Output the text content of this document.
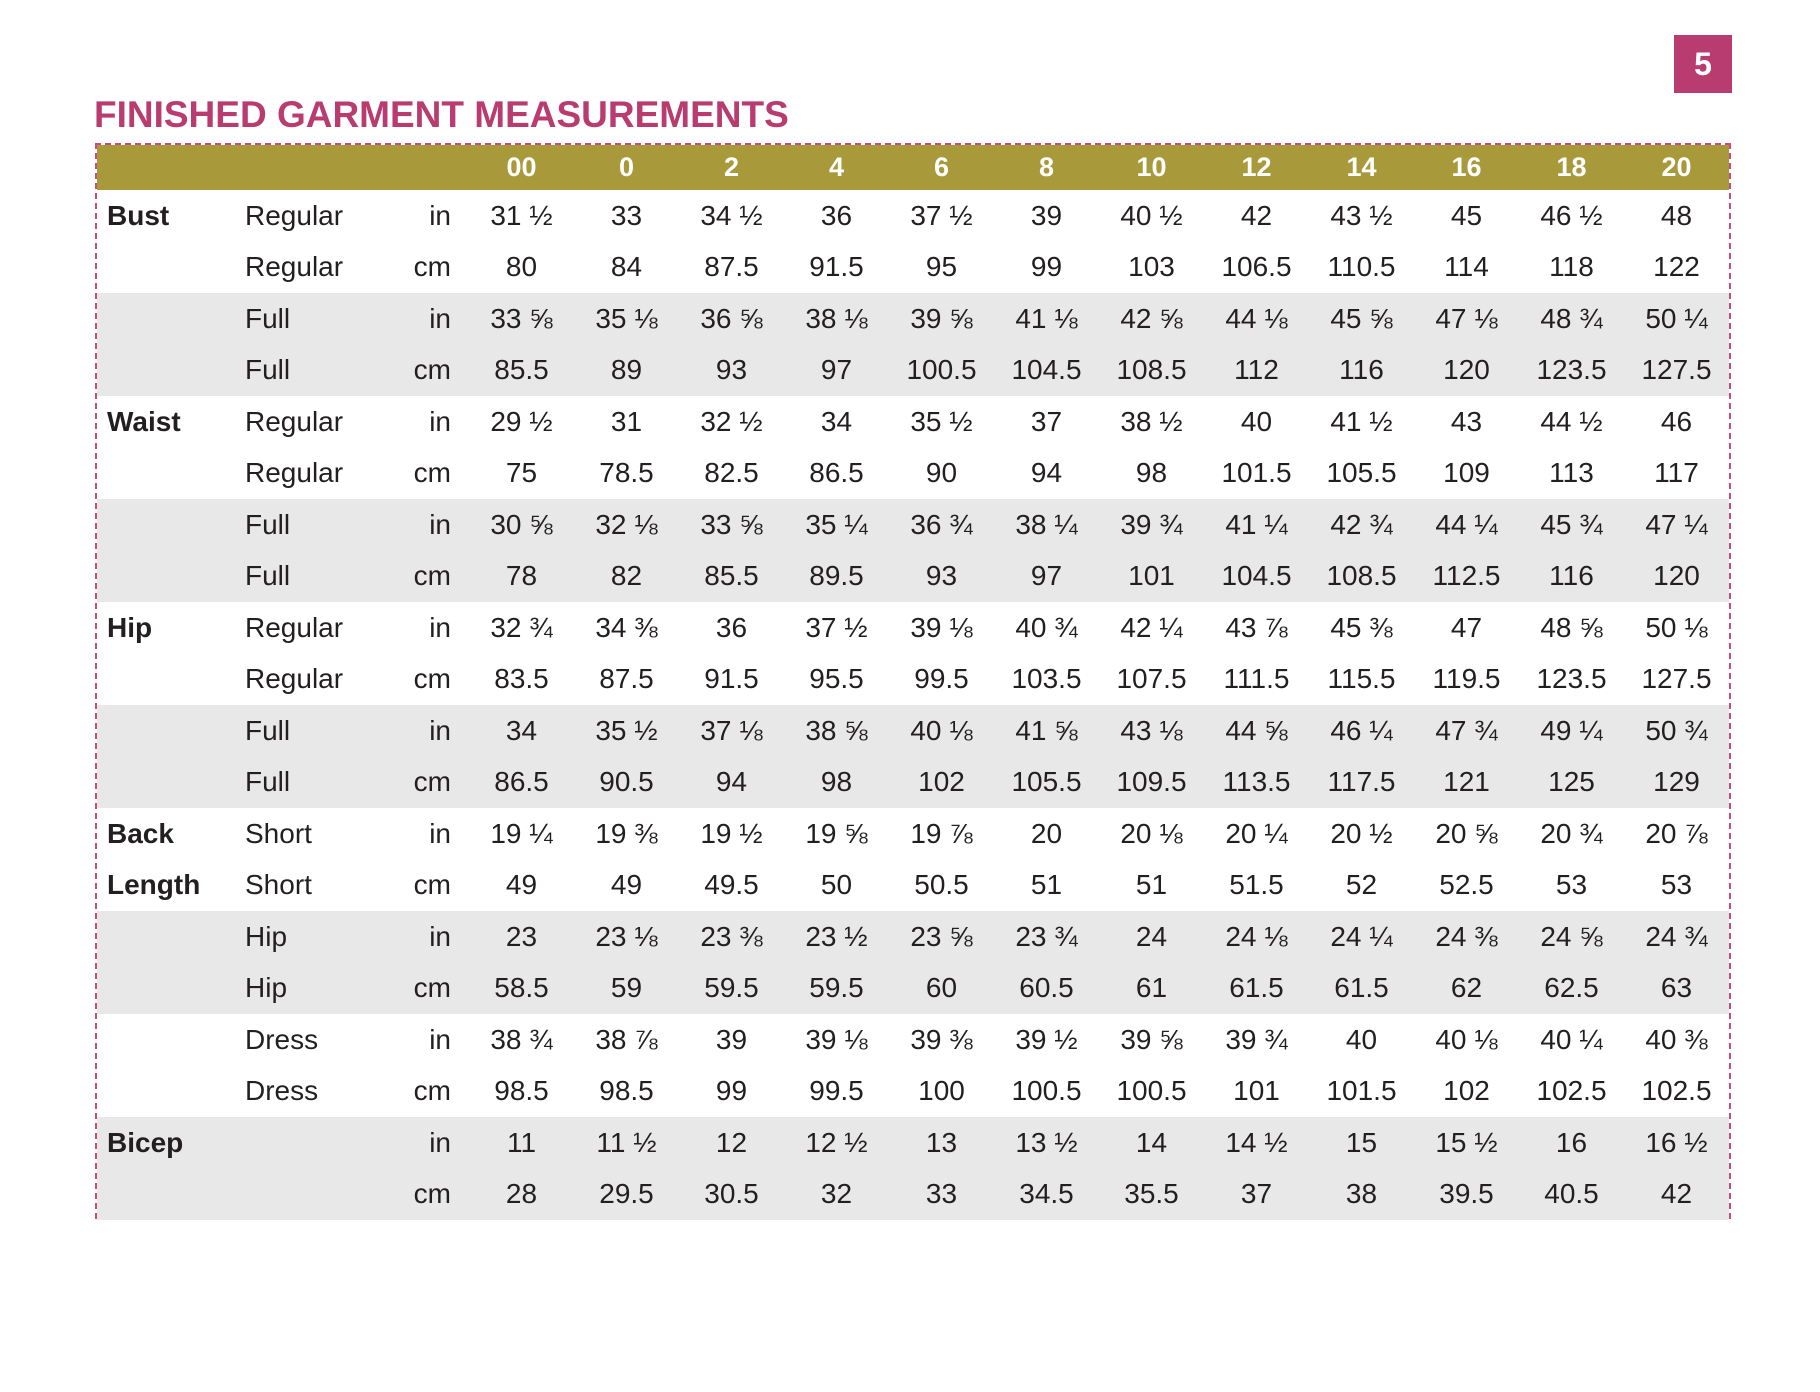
5
FINISHED GARMENT MEASUREMENTS
			00	0	2	4	6	8	10	12	14	16	18	20
Bust	Regular	in	31 ½	33	34 ½	36	37 ½	39	40 ½	42	43 ½	45	46 ½	48
	Regular	cm	80	84	87.5	91.5	95	99	103	106.5	110.5	114	118	122
	Full	in	33 ⅝	35 ⅛	36 ⅝	38 ⅛	39 ⅝	41 ⅛	42 ⅝	44 ⅛	45 ⅝	47 ⅛	48 ¾	50 ¼
	Full	cm	85.5	89	93	97	100.5	104.5	108.5	112	116	120	123.5	127.5
Waist	Regular	in	29 ½	31	32 ½	34	35 ½	37	38 ½	40	41 ½	43	44 ½	46
	Regular	cm	75	78.5	82.5	86.5	90	94	98	101.5	105.5	109	113	117
	Full	in	30 ⅝	32 ⅛	33 ⅝	35 ¼	36 ¾	38 ¼	39 ¾	41 ¼	42 ¾	44 ¼	45 ¾	47 ¼
	Full	cm	78	82	85.5	89.5	93	97	101	104.5	108.5	112.5	116	120
Hip	Regular	in	32 ¾	34 ⅜	36	37 ½	39 ⅛	40 ¾	42 ¼	43 ⅞	45 ⅜	47	48 ⅝	50 ⅛
	Regular	cm	83.5	87.5	91.5	95.5	99.5	103.5	107.5	111.5	115.5	119.5	123.5	127.5
	Full	in	34	35 ½	37 ⅛	38 ⅝	40 ⅛	41 ⅝	43 ⅛	44 ⅝	46 ¼	47 ¾	49 ¼	50 ¾
	Full	cm	86.5	90.5	94	98	102	105.5	109.5	113.5	117.5	121	125	129
Back	Short	in	19 ¼	19 ⅜	19 ½	19 ⅝	19 ⅞	20	20 ⅛	20 ¼	20 ½	20 ⅝	20 ¾	20 ⅞
Length	Short	cm	49	49	49.5	50	50.5	51	51	51.5	52	52.5	53	53
	Hip	in	23	23 ⅛	23 ⅜	23 ½	23 ⅝	23 ¾	24	24 ⅛	24 ¼	24 ⅜	24 ⅝	24 ¾
	Hip	cm	58.5	59	59.5	59.5	60	60.5	61	61.5	61.5	62	62.5	63
	Dress	in	38 ¾	38 ⅞	39	39 ⅛	39 ⅜	39 ½	39 ⅝	39 ¾	40	40 ⅛	40 ¼	40 ⅜
	Dress	cm	98.5	98.5	99	99.5	100	100.5	100.5	101	101.5	102	102.5	102.5
Bicep		in	11	11 ½	12	12 ½	13	13 ½	14	14 ½	15	15 ½	16	16 ½
		cm	28	29.5	30.5	32	33	34.5	35.5	37	38	39.5	40.5	42
